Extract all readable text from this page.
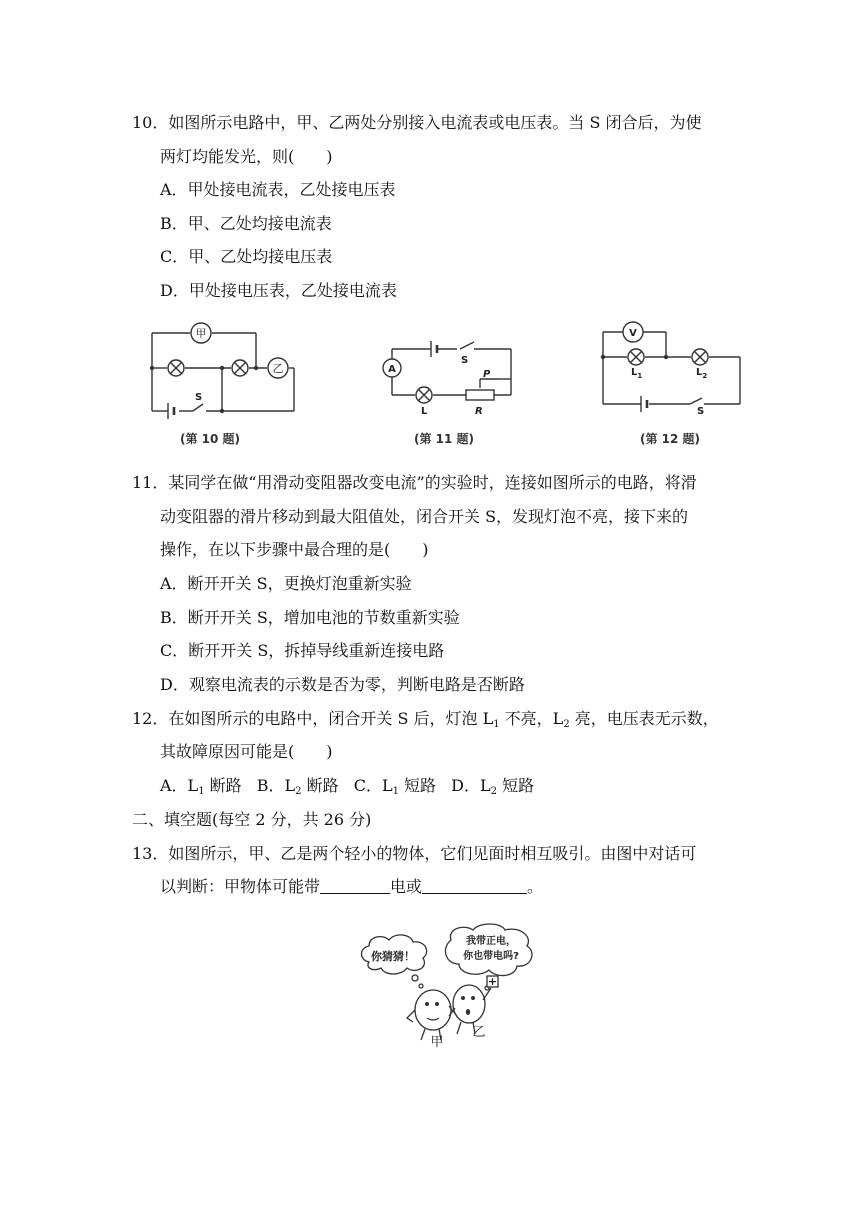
10．如图所示电路中，甲、乙两处分别接入电流表或电压表。当 S 闭合后，为使
两灯均能发光，则(　　)
A．甲处接电流表，乙处接电压表
B．甲、乙处均接电流表
C．甲、乙处均接电压表
D．甲处接电压表，乙处接电流表
甲
乙
S
(第 10 题)
A
S
L
P
R
(第 11 题)
V
$L_1$	$L_2$
S
(第 12 题)
11．某同学在做“用滑动变阻器改变电流”的实验时，连接如图所示的电路，将滑
动变阻器的滑片移动到最大阻值处，闭合开关 S，发现灯泡不亮，接下来的
操作，在以下步骤中最合理的是(　　)
A．断开开关 S，更换灯泡重新实验
B．断开开关 S，增加电池的节数重新实验
C．断开开关 S，拆掉导线重新连接电路
D．观察电流表的示数是否为零，判断电路是否断路
12．在如图所示的电路中，闭合开关 S 后，灯泡 $L_1$ 不亮，$L_2$ 亮，电压表无示数，
其故障原因可能是(　　)
A．$L_1$ 断路 B．$L_2$ 断路 C．$L_1$ 短路 D．$L_2$ 短路
二、填空题(每空 2 分，共 26 分)
13．如图所示，甲、乙是两个轻小的物体，它们见面时相互吸引。由图中对话可
以判断：甲物体可能带	电或	。
你猜猜！
我带正电，
你也带电吗?
+
甲
乙
